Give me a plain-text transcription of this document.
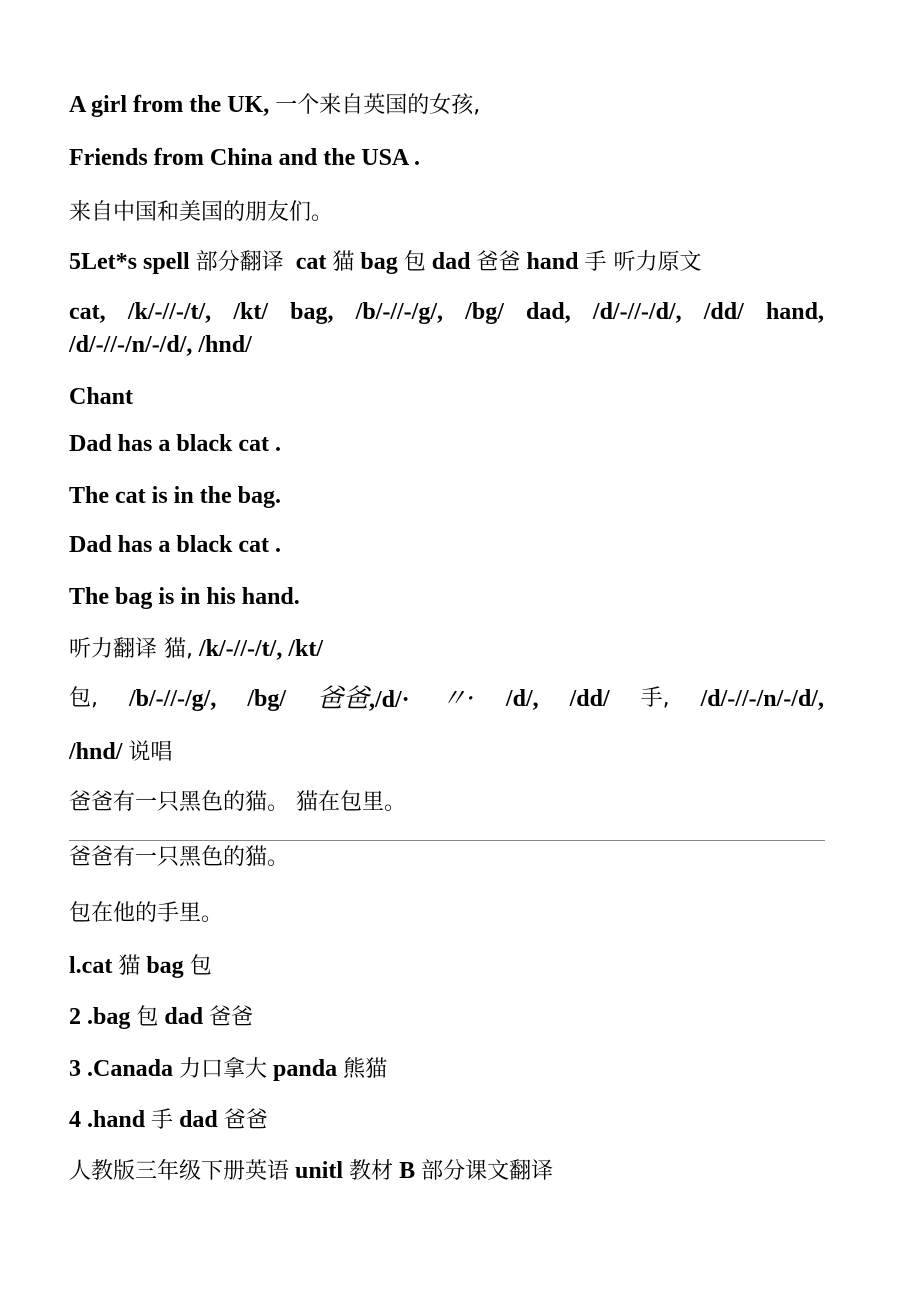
A girl from the UK, 一个来自英国的女孩,
Friends from China and the USA .
来自中国和美国的朋友们。
5Let*s spell 部分翻译 cat 猫 bag 包 dad 爸爸 hand 手 听力原文
cat, /k/-//-/t/, /kt/ bag, /b/-//-/g/, /bg/ dad, /d/-//-/d/, /dd/ hand,
/d/-//-/n/-/d/, /hnd/
Chant
Dad has a black cat .
The cat is in the bag.
Dad has a black cat .
The bag is in his hand.
听力翻译 猫, /k/-//-/t/, /kt/
包, /b/-//-/g/, /bg/ 爸爸,/d/· 〃· /d/, /dd/ 手, /d/-//-/n/-/d/,
/hnd/ 说唱
爸爸有一只黑色的猫。 猫在包里。
爸爸有一只黑色的猫。
包在他的手里。
l.cat 猫 bag 包
2 .bag 包 dad 爸爸
3 .Canada 力口拿大 panda 熊猫
4 .hand 手 dad 爸爸
人教版三年级下册英语 unitl 教材 B 部分课文翻译
